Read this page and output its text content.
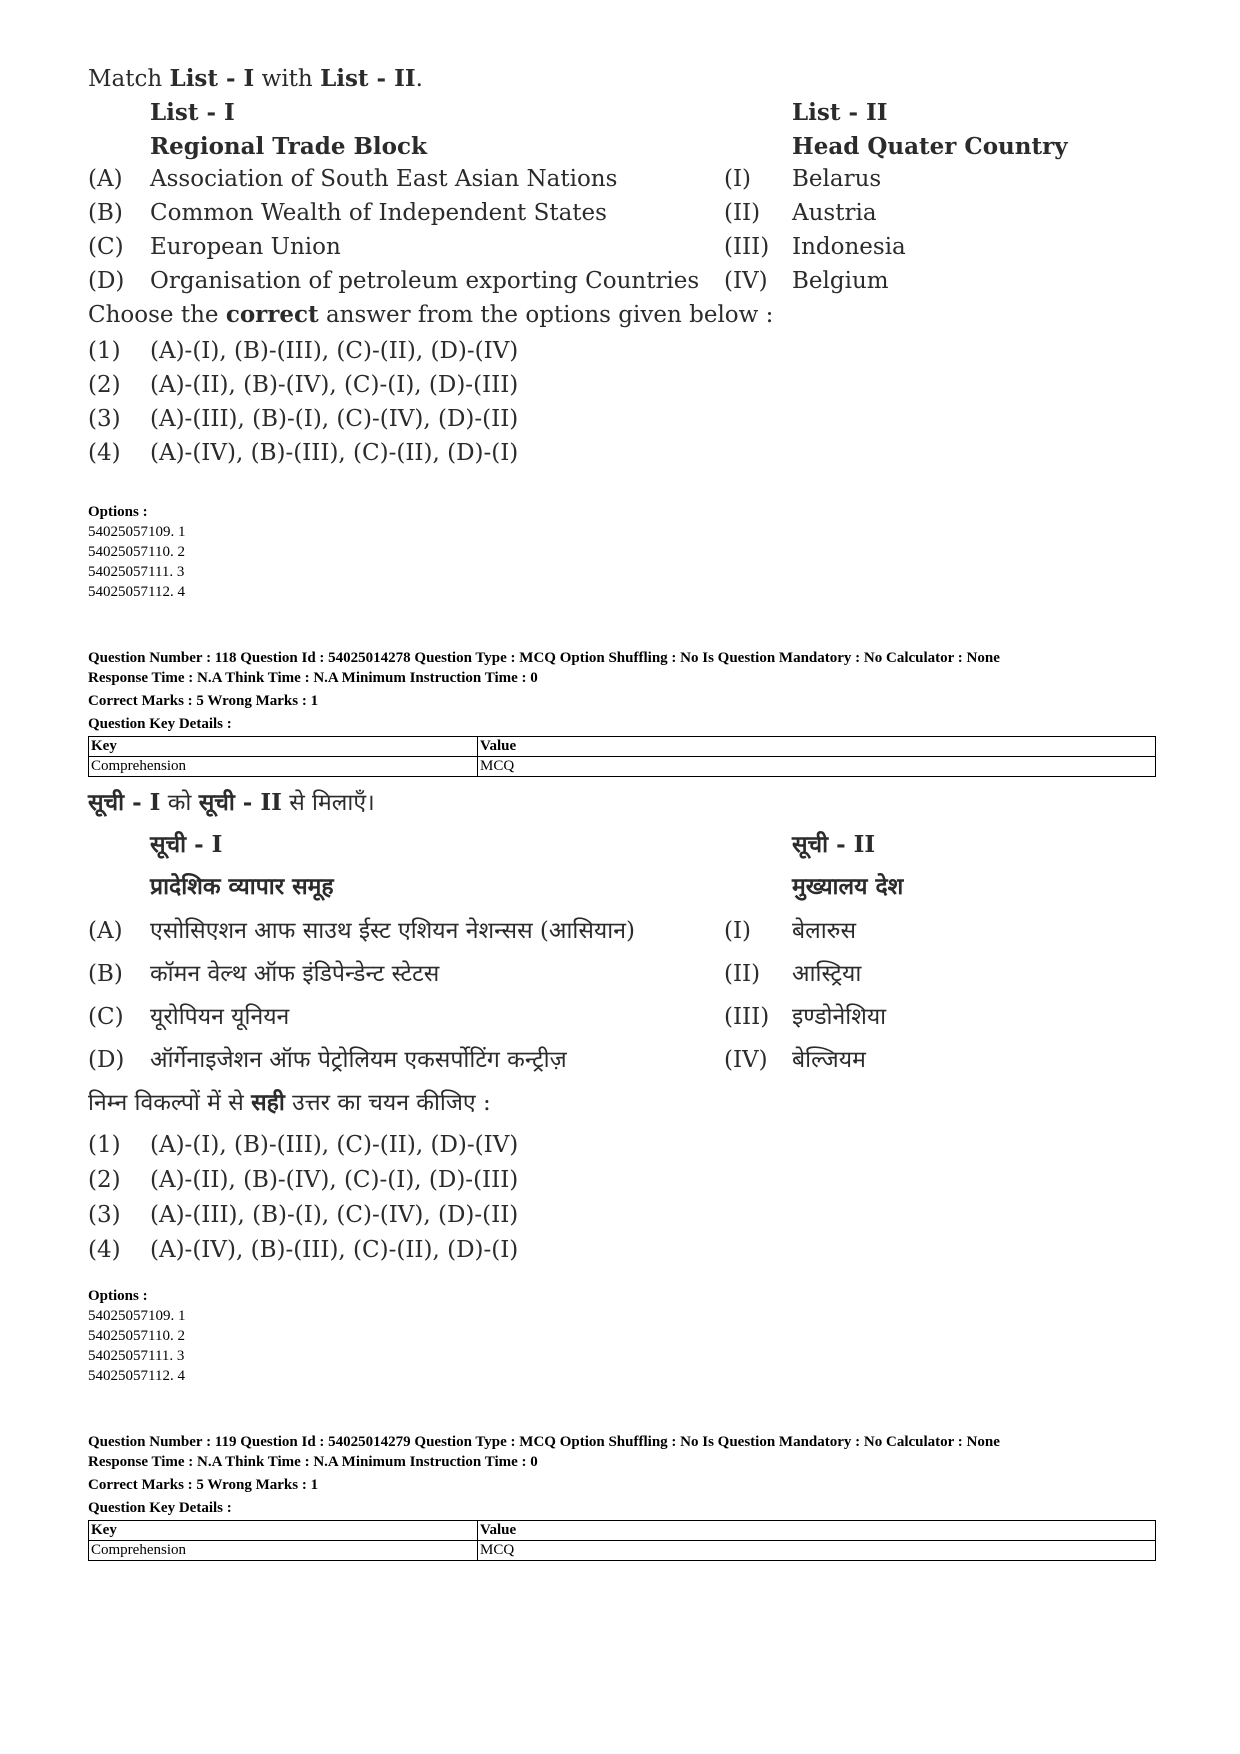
Match List - I with List - II.
List - I	List - II
Regional Trade Block	Head Quater Country
(A) Association of South East Asian Nations	(I) Belarus
(B) Common Wealth of Independent States	(II) Austria
(C) European Union	(III) Indonesia
(D) Organisation of petroleum exporting Countries (IV) Belgium
Choose the correct answer from the options given below :
(1) (A)-(I), (B)-(III), (C)-(II), (D)-(IV)
(2) (A)-(II), (B)-(IV), (C)-(I), (D)-(III)
(3) (A)-(III), (B)-(I), (C)-(IV), (D)-(II)
(4) (A)-(IV), (B)-(III), (C)-(II), (D)-(I)
Options :
54025057109. 1
54025057110. 2
54025057111. 3
54025057112. 4
Question Number : 118 Question Id : 54025014278 Question Type : MCQ Option Shuffling : No Is Question Mandatory : No Calculator : None
Response Time : N.A Think Time : N.A Minimum Instruction Time : 0
Correct Marks : 5 Wrong Marks : 1
Question Key Details :
Key	Value
Comprehension	MCQ
सूची - I को सूची - II से मिलाएँ।
सूची - I	सूची - II
प्रादेशिक व्यापार समूह	मुख्यालय देश
(A) एसोसिएशन आफ साउथ ईस्ट एशियन नेशन्सस (आसियान)	(I) बेलारुस
(B) कॉमन वेल्थ ऑफ इंडिपेन्डेन्ट स्टेटस	(II) आस्ट्रिया
(C) यूरोपियन यूनियन	(III) इण्डोनेशिया
(D) ऑर्गेनाइजेशन ऑफ पेट्रोलियम एकसर्पोटिंग कन्ट्रीज़	(IV) बेल्जियम
निम्न विकल्पों में से सही उत्तर का चयन कीजिए :
(1) (A)-(I), (B)-(III), (C)-(II), (D)-(IV)
(2) (A)-(II), (B)-(IV), (C)-(I), (D)-(III)
(3) (A)-(III), (B)-(I), (C)-(IV), (D)-(II)
(4) (A)-(IV), (B)-(III), (C)-(II), (D)-(I)
Options :
54025057109. 1
54025057110. 2
54025057111. 3
54025057112. 4
Question Number : 119 Question Id : 54025014279 Question Type : MCQ Option Shuffling : No Is Question Mandatory : No Calculator : None
Response Time : N.A Think Time : N.A Minimum Instruction Time : 0
Correct Marks : 5 Wrong Marks : 1
Question Key Details :
Key	Value
Comprehension	MCQ
